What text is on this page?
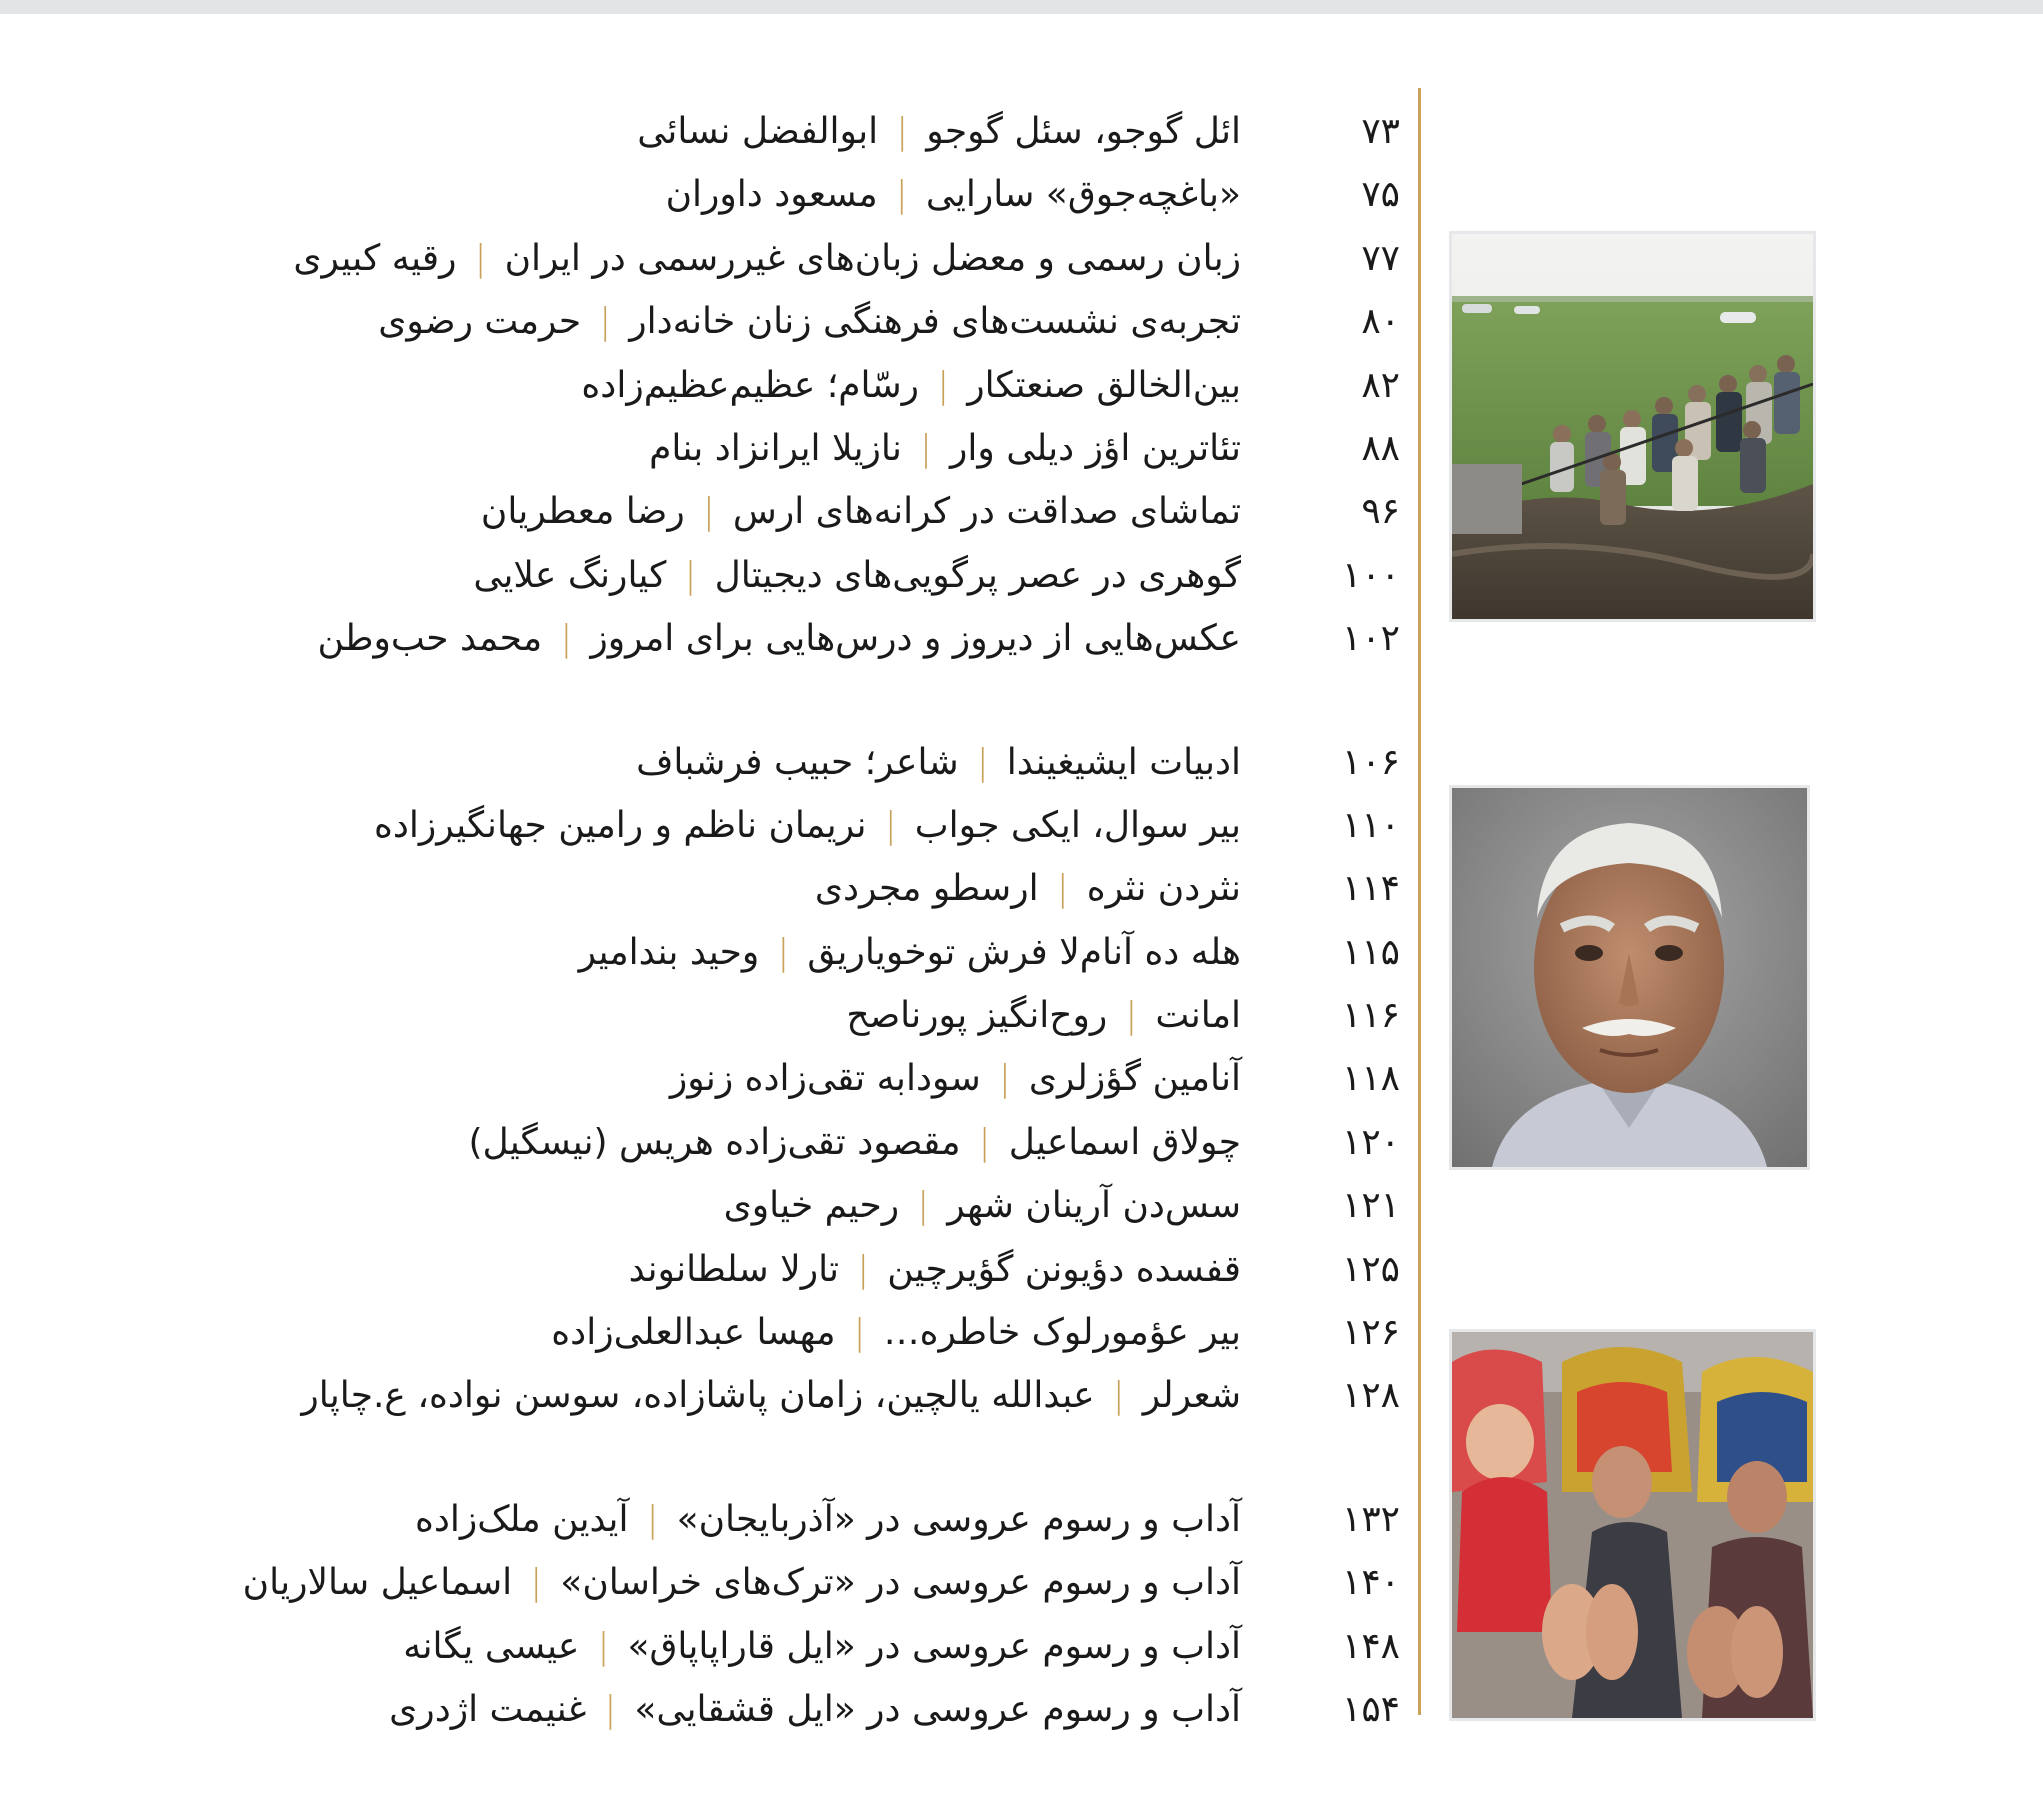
۷۳
ائل گوجو، سئل گوجو|ابوالفضل نسائی
۷۵
«باغچه‌جوق» سارایی|مسعود داوران
۷۷
زبان رسمی و معضل زبان‌های غیررسمی در ایران|رقیه کبیری
۸۰
تجربه‌ی نشست‌های فرهنگی زنان خانه‌دار|حرمت رضوی
۸۲
بین‌الخالق صنعتکار|رسّام؛ عظیم‌عظیم‌زاده
۸۸
تئاترین اؤز دیلی وار|نازیلا ایرانزاد بنام
۹۶
تماشای صداقت در کرانه‌های ارس|رضا معطریان
۱۰۰
گوهری در عصر پرگویی‌های دیجیتال|کیارنگ علایی
۱۰۲
عکس‌هایی از دیروز و درس‌هایی برای امروز|محمد حب‌وطن
۱۰۶
ادبیات ایشیغیندا|شاعر؛ حبیب فرشباف
۱۱۰
بیر سوال، ایکی جواب|نریمان ناظم و رامین جهانگیرزاده
۱۱۴
نثردن نثره|ارسطو مجردی
۱۱۵
هله ده آنام‌لا فرش توخویاریق|وحید بندامیر
۱۱۶
امانت|روح‌انگیز پورناصح
۱۱۸
آنامین گؤزلری|سودابه تقی‌زاده زنوز
۱۲۰
چولاق اسماعیل|مقصود تقی‌زاده هریس (نیسگیل)
۱۲۱
سس‌دن آرینان شهر|رحیم خیاوی
۱۲۵
قفسده دؤیونن گؤیرچین|تارلا سلطانوند
۱۲۶
بیر عؤمورلوک خاطره…|مهسا عبدالعلی‌زاده
۱۲۸
شعرلر|عبدالله یالچین، زامان پاشازاده، سوسن نواده، ع.چاپار
۱۳۲
آداب و رسوم عروسی در «آذربایجان»|آیدین ملک‌زاده
۱۴۰
آداب و رسوم عروسی در «ترک‌های خراسان»|اسماعیل سالاریان
۱۴۸
آداب و رسوم عروسی در «ایل قاراپاپاق»|عیسی یگانه
۱۵۴
آداب و رسوم عروسی در «ایل قشقایی»|غنیمت اژدری
